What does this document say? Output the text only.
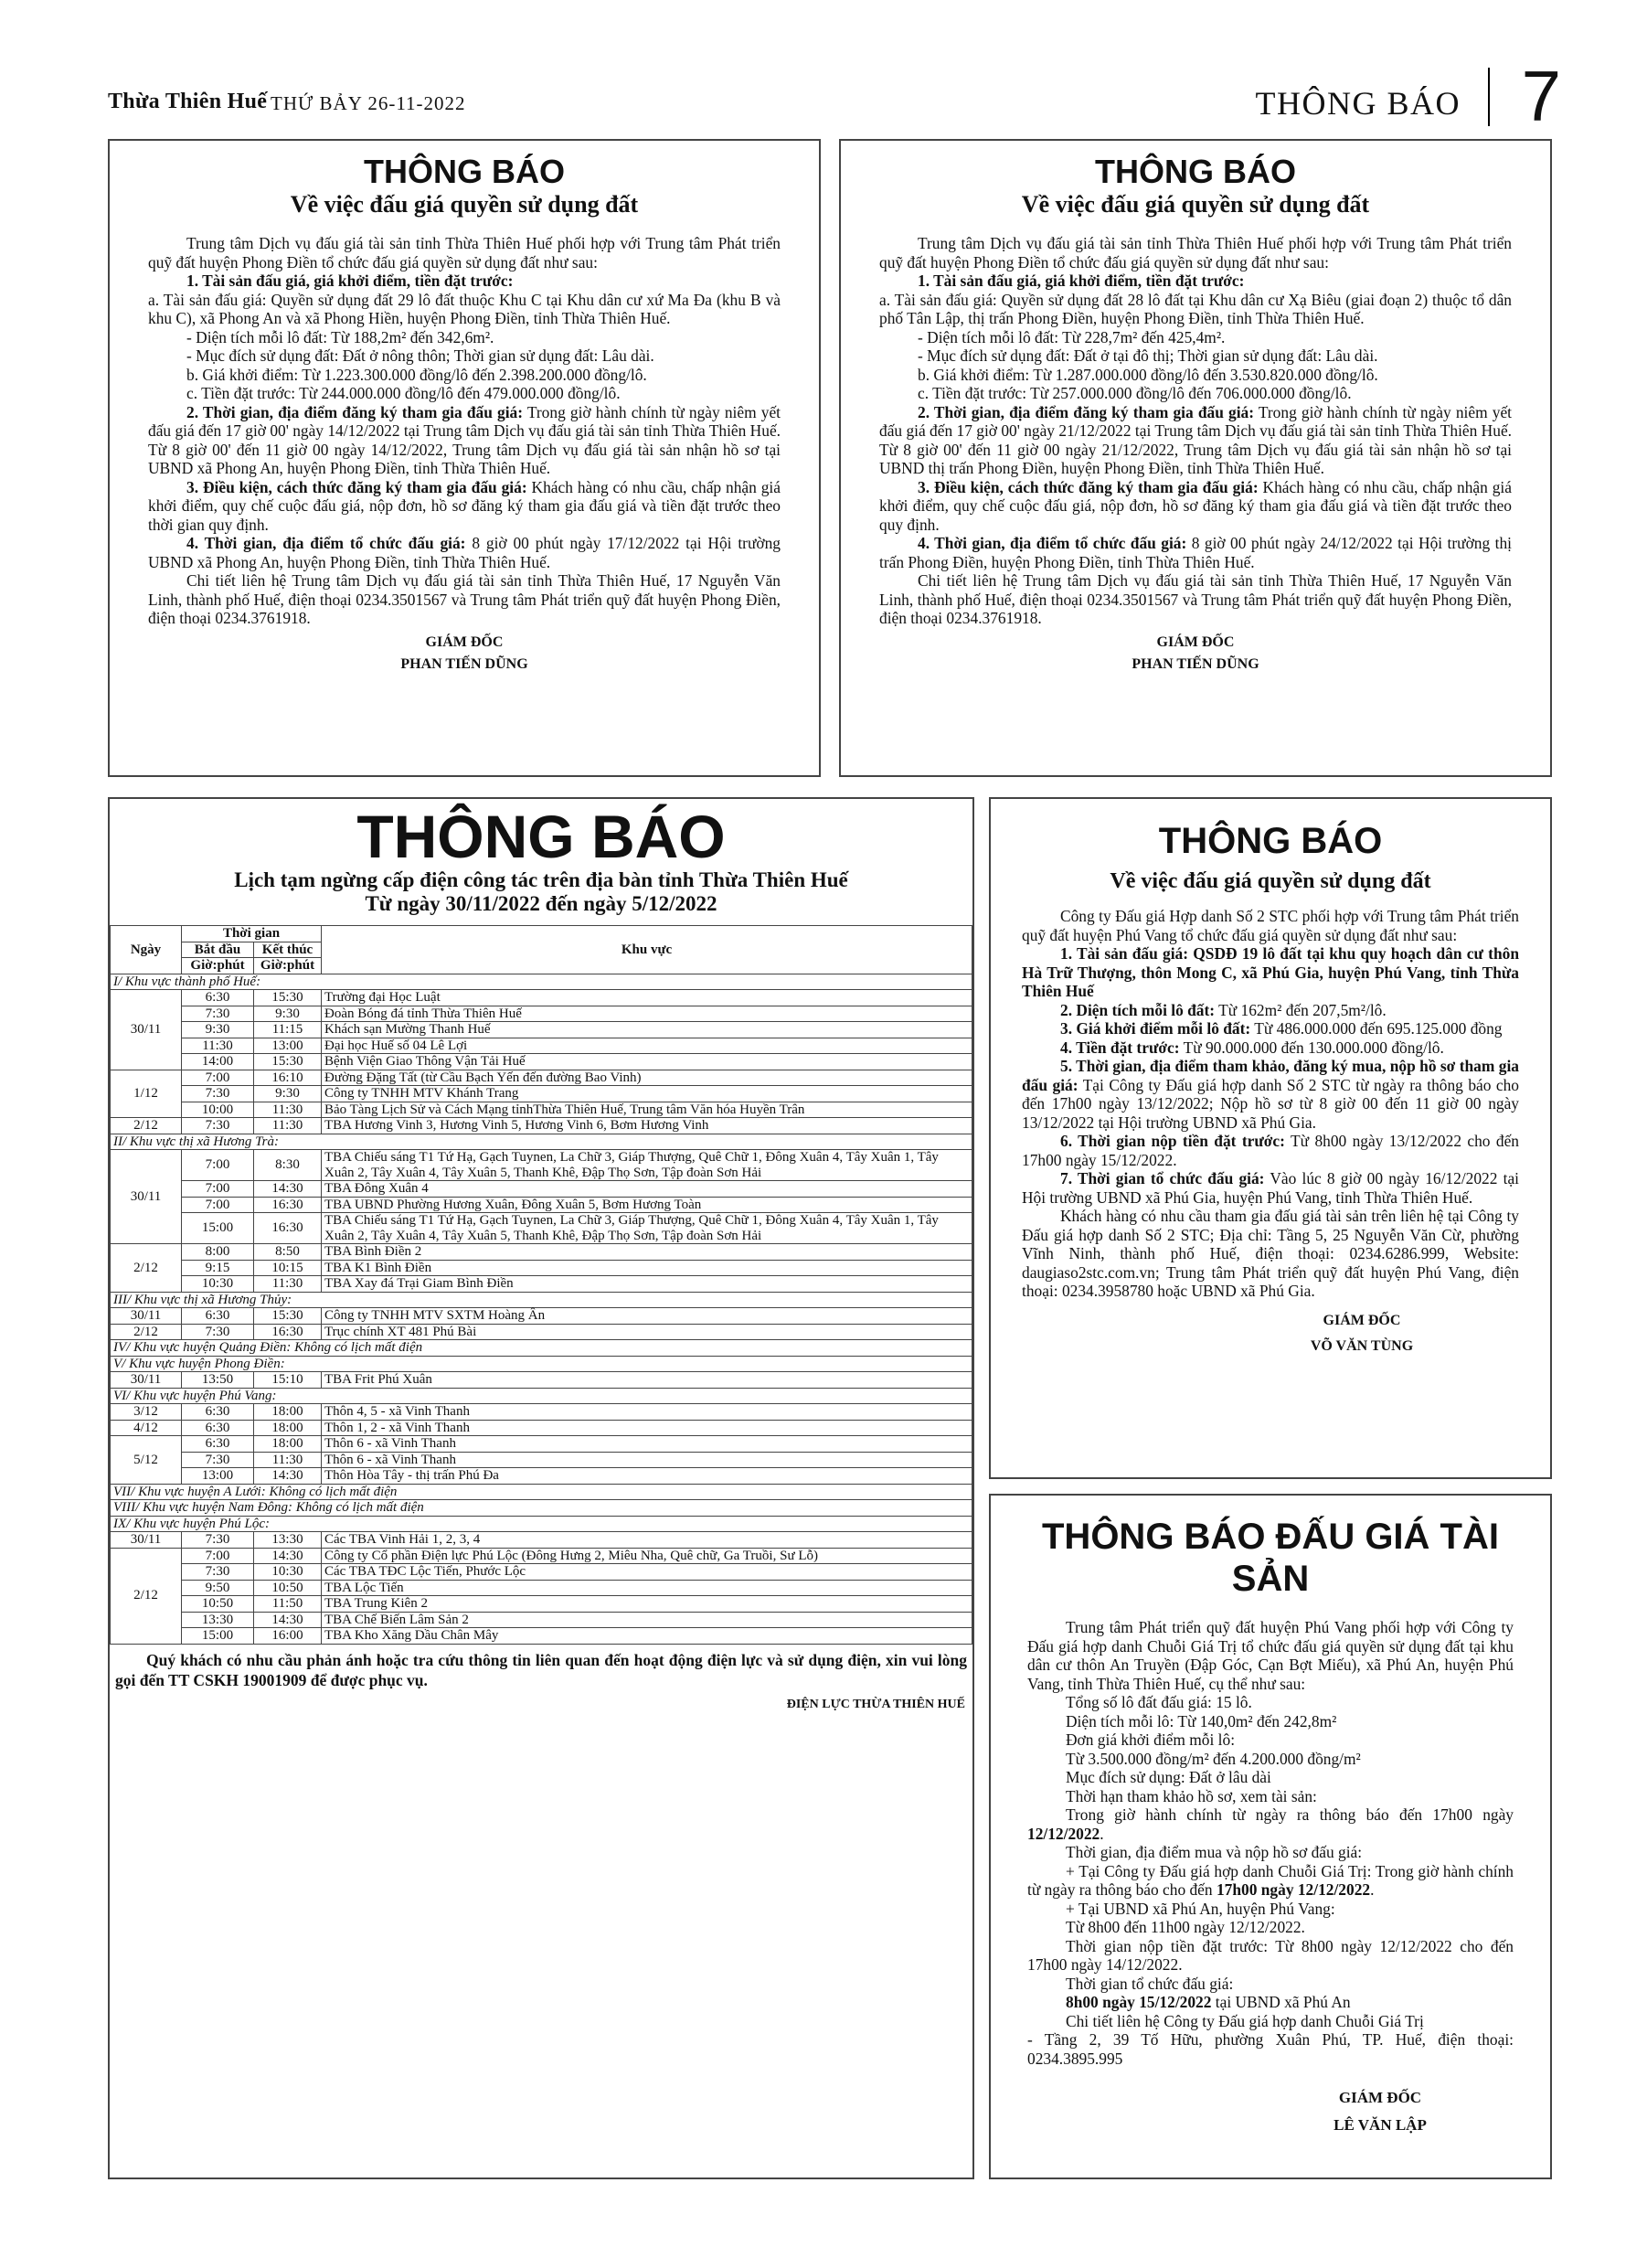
Thừa Thiên Huế THỨ BẢY 26-11-2022	THÔNG BÁO 7
THÔNG BÁO
Về việc đấu giá quyền sử dụng đất

Trung tâm Dịch vụ đấu giá tài sản tỉnh Thừa Thiên Huế phối hợp với Trung tâm Phát triển quỹ đất huyện Phong Điền tổ chức đấu giá quyền sử dụng đất như sau:

1. Tài sản đấu giá, giá khởi điểm, tiền đặt trước:

a. Tài sản đấu giá: Quyền sử dụng đất 29 lô đất thuộc Khu C tại Khu dân cư xứ Ma Đa (khu B và khu C), xã Phong An và xã Phong Hiền, huyện Phong Điền, tỉnh Thừa Thiên Huế.

- Diện tích mỗi lô đất: Từ 188,2m² đến 342,6m².

- Mục đích sử dụng đất: Đất ở nông thôn; Thời gian sử dụng đất: Lâu dài.

b. Giá khởi điểm: Từ 1.223.300.000 đồng/lô đến 2.398.200.000 đồng/lô.

c. Tiền đặt trước: Từ 244.000.000 đồng/lô đến 479.000.000 đồng/lô.

2. Thời gian, địa điểm đăng ký tham gia đấu giá: Trong giờ hành chính từ ngày niêm yết đấu giá đến 17 giờ 00' ngày 14/12/2022 tại Trung tâm Dịch vụ đấu giá tài sản tỉnh Thừa Thiên Huế. Từ 8 giờ 00' đến 11 giờ 00 ngày 14/12/2022, Trung tâm Dịch vụ đấu giá tài sản nhận hồ sơ tại UBND xã Phong An, huyện Phong Điền, tỉnh Thừa Thiên Huế.

3. Điều kiện, cách thức đăng ký tham gia đấu giá: Khách hàng có nhu cầu, chấp nhận giá khởi điểm, quy chế cuộc đấu giá, nộp đơn, hồ sơ đăng ký tham gia đấu giá và tiền đặt trước theo thời gian quy định.

4. Thời gian, địa điểm tổ chức đấu giá: 8 giờ 00 phút ngày 17/12/2022 tại Hội trường UBND xã Phong An, huyện Phong Điền, tỉnh Thừa Thiên Huế.

Chi tiết liên hệ Trung tâm Dịch vụ đấu giá tài sản tỉnh Thừa Thiên Huế, 17 Nguyễn Văn Linh, thành phố Huế, điện thoại 0234.3501567 và Trung tâm Phát triển quỹ đất huyện Phong Điền, điện thoại 0234.3761918.

GIÁM ĐỐC
PHAN TIẾN DŨNG
THÔNG BÁO
Về việc đấu giá quyền sử dụng đất

Trung tâm Dịch vụ đấu giá tài sản tỉnh Thừa Thiên Huế phối hợp với Trung tâm Phát triển quỹ đất huyện Phong Điền tổ chức đấu giá quyền sử dụng đất như sau:

1. Tài sản đấu giá, giá khởi điểm, tiền đặt trước:

a. Tài sản đấu giá: Quyền sử dụng đất 28 lô đất tại Khu dân cư Xạ Biêu (giai đoạn 2) thuộc tổ dân phố Tân Lập, thị trấn Phong Điền, huyện Phong Điền, tỉnh Thừa Thiên Huế.

- Diện tích mỗi lô đất: Từ 228,7m² đến 425,4m².

- Mục đích sử dụng đất: Đất ở tại đô thị; Thời gian sử dụng đất: Lâu dài.

b. Giá khởi điểm: Từ 1.287.000.000 đồng/lô đến 3.530.820.000 đồng/lô.

c. Tiền đặt trước: Từ 257.000.000 đồng/lô đến 706.000.000 đồng/lô.

2. Thời gian, địa điểm đăng ký tham gia đấu giá: Trong giờ hành chính từ ngày niêm yết đấu giá đến 17 giờ 00' ngày 21/12/2022 tại Trung tâm Dịch vụ đấu giá tài sản tỉnh Thừa Thiên Huế. Từ 8 giờ 00' đến 11 giờ 00 ngày 21/12/2022, Trung tâm Dịch vụ đấu giá tài sản nhận hồ sơ tại UBND thị trấn Phong Điền, huyện Phong Điền, tỉnh Thừa Thiên Huế.

3. Điều kiện, cách thức đăng ký tham gia đấu giá: Khách hàng có nhu cầu, chấp nhận giá khởi điểm, quy chế cuộc đấu giá, nộp đơn, hồ sơ đăng ký tham gia đấu giá và tiền đặt trước theo quy định.

4. Thời gian, địa điểm tổ chức đấu giá: 8 giờ 00 phút ngày 24/12/2022 tại Hội trường thị trấn Phong Điền, huyện Phong Điền, tỉnh Thừa Thiên Huế.

Chi tiết liên hệ Trung tâm Dịch vụ đấu giá tài sản tỉnh Thừa Thiên Huế, 17 Nguyễn Văn Linh, thành phố Huế, điện thoại 0234.3501567 và Trung tâm Phát triển quỹ đất huyện Phong Điền, điện thoại 0234.3761918.

GIÁM ĐỐC
PHAN TIẾN DŨNG
THÔNG BÁO
Lịch tạm ngừng cấp điện công tác trên địa bàn tỉnh Thừa Thiên Huế
Từ ngày 30/11/2022 đến ngày 5/12/2022
Ngày	Thời gian		Khu vực
	Bắt đầu	Kết thúc	
	Giờ:phút	Giờ:phút	
I/ Khu vực thành phố Huế:			
30/11	6:30	15:30	Trường đại Học Luật
	7:30	9:30	Đoàn Bóng đá tỉnh Thừa Thiên Huế
	9:30	11:15	Khách sạn Mường Thanh Huế
	11:30	13:00	Đại học Huế số 04 Lê Lợi
	14:00	15:30	Bệnh Viện Giao Thông Vận Tải Huế
1/12	7:00	16:10	Đường Đặng Tất (từ Cầu Bạch Yến đến đường Bao Vinh)
	7:30	9:30	Công ty TNHH MTV Khánh Trang
	10:00	11:30	Bảo Tàng Lịch Sử và Cách Mạng tỉnhThừa Thiên Huế, Trung tâm Văn hóa Huyền Trân
2/12	7:30	11:30	TBA Hương Vinh 3, Hương Vinh 5, Hương Vinh 6, Bơm Hương Vinh
II/ Khu vực thị xã Hương Trà:			
30/11	7:00	8:30	TBA Chiếu sáng T1 Tứ Hạ, Gạch Tuynen, La Chữ 3, Giáp Thượng, Quê Chữ 1, Đông Xuân 4, Tây Xuân 1, Tây Xuân 2, Tây Xuân 4, Tây Xuân 5, Thanh Khê, Đập Thọ Sơn, Tập đoàn Sơn Hải
	7:00	14:30	TBA Đông Xuân 4
	7:00	16:30	TBA UBND Phường Hương Xuân, Đông Xuân 5, Bơm Hương Toàn
	15:00	16:30	TBA Chiếu sáng T1 Tứ Hạ, Gạch Tuynen, La Chữ 3, Giáp Thượng, Quê Chữ 1, Đông Xuân 4, Tây Xuân 1, Tây Xuân 2, Tây Xuân 4, Tây Xuân 5, Thanh Khê, Đập Thọ Sơn, Tập đoàn Sơn Hải
2/12	8:00	8:50	TBA Bình Điền 2
	9:15	10:15	TBA K1 Bình Điền
	10:30	11:30	TBA Xay đá Trại Giam Bình Điền
III/ Khu vực thị xã Hương Thủy:			
30/11	6:30	15:30	Công ty TNHH MTV SXTM Hoàng Ân
2/12	7:30	16:30	Trục chính XT 481 Phú Bài
IV/ Khu vực huyện Quảng Điền: Không có lịch mất điện			
V/ Khu vực huyện Phong Điền:			
30/11	13:50	15:10	TBA Frit Phú Xuân
VI/ Khu vực huyện Phú Vang:			
3/12	6:30	18:00	Thôn 4, 5 - xã Vinh Thanh
4/12	6:30	18:00	Thôn 1, 2 - xã Vinh Thanh
5/12	6:30	18:00	Thôn 6 - xã Vinh Thanh
	7:30	11:30	Thôn 6 - xã Vinh Thanh
	13:00	14:30	Thôn Hòa Tây - thị trấn Phú Đa
VII/ Khu vực huyện A Lưới: Không có lịch mất điện			
VIII/ Khu vực huyện Nam Đông: Không có lịch mất điện			
IX/ Khu vực huyện Phú Lộc:			
30/11	7:30	13:30	Các TBA Vinh Hải 1, 2, 3, 4
2/12	7:00	14:30	Công ty Cổ phần Điện lực Phú Lộc (Đông Hưng 2, Miêu Nha, Quê chữ, Ga Truồi, Sư Lỗ)
	7:30	10:30	Các TBA TĐC Lộc Tiến, Phước Lộc
	9:50	10:50	TBA Lộc Tiến
	10:50	11:50	TBA Trung Kiên 2
	13:30	14:30	TBA Chế Biến Lâm Sản 2
	15:00	16:00	TBA Kho Xăng Dầu Chân Mây
Quý khách có nhu cầu phản ánh hoặc tra cứu thông tin liên quan đến hoạt động điện lực và sử dụng điện, xin vui lòng gọi đến TT CSKH 19001909 để được phục vụ.
ĐIỆN LỰC THỪA THIÊN HUẾ
THÔNG BÁO
Về việc đấu giá quyền sử dụng đất

Công ty Đấu giá Hợp danh Số 2 STC phối hợp với Trung tâm Phát triển quỹ đất huyện Phú Vang tổ chức đấu giá quyền sử dụng đất như sau:

1. Tài sản đấu giá: QSDĐ 19 lô đất tại khu quy hoạch dân cư thôn Hà Trữ Thượng, thôn Mong C, xã Phú Gia, huyện Phú Vang, tỉnh Thừa Thiên Huế

2. Diện tích mỗi lô đất: Từ 162m² đến 207,5m²/lô.

3. Giá khởi điểm mỗi lô đất: Từ 486.000.000 đến 695.125.000 đồng

4. Tiền đặt trước: Từ 90.000.000 đến 130.000.000 đồng/lô.

5. Thời gian, địa điểm tham khảo, đăng ký mua, nộp hồ sơ tham gia đấu giá: Tại Công ty Đấu giá hợp danh Số 2 STC từ ngày ra thông báo cho đến 17h00 ngày 13/12/2022; Nộp hồ sơ từ 8 giờ 00 đến 11 giờ 00 ngày 13/12/2022 tại Hội trường UBND xã Phú Gia.

6. Thời gian nộp tiền đặt trước: Từ 8h00 ngày 13/12/2022 cho đến 17h00 ngày 15/12/2022.

7. Thời gian tổ chức đấu giá: Vào lúc 8 giờ 00 ngày 16/12/2022 tại Hội trường UBND xã Phú Gia, huyện Phú Vang, tỉnh Thừa Thiên Huế.

Khách hàng có nhu cầu tham gia đấu giá tài sản trên liên hệ tại Công ty Đấu giá hợp danh Số 2 STC; Địa chỉ: Tầng 5, 25 Nguyễn Văn Cừ, phường Vĩnh Ninh, thành phố Huế, điện thoại: 0234.6286.999, Website: daugiaso2stc.com.vn; Trung tâm Phát triển quỹ đất huyện Phú Vang, điện thoại: 0234.3958780 hoặc UBND xã Phú Gia.

GIÁM ĐỐC
VÕ VĂN TÙNG
THÔNG BÁO ĐẤU GIÁ TÀI SẢN

Trung tâm Phát triển quỹ đất huyện Phú Vang phối hợp với Công ty Đấu giá hợp danh Chuỗi Giá Trị tổ chức đấu giá quyền sử dụng đất tại khu dân cư thôn An Truyền (Đập Góc, Cạn Bợt Miếu), xã Phú An, huyện Phú Vang, tỉnh Thừa Thiên Huế, cụ thể như sau:

Tổng số lô đất đấu giá: 15 lô.

Diện tích mỗi lô: Từ 140,0m² đến 242,8m²

Đơn giá khởi điểm mỗi lô:

Từ 3.500.000 đồng/m² đến 4.200.000 đồng/m²

Mục đích sử dụng: Đất ở lâu dài

Thời hạn tham khảo hồ sơ, xem tài sản:

Trong giờ hành chính từ ngày ra thông báo đến 17h00 ngày 12/12/2022.

Thời gian, địa điểm mua và nộp hồ sơ đấu giá:

+ Tại Công ty Đấu giá hợp danh Chuỗi Giá Trị: Trong giờ hành chính từ ngày ra thông báo cho đến 17h00 ngày 12/12/2022.

+ Tại UBND xã Phú An, huyện Phú Vang:

Từ 8h00 đến 11h00 ngày 12/12/2022.

Thời gian nộp tiền đặt trước: Từ 8h00 ngày 12/12/2022 cho đến 17h00 ngày 14/12/2022.

Thời gian tổ chức đấu giá:

8h00 ngày 15/12/2022 tại UBND xã Phú An

Chi tiết liên hệ Công ty Đấu giá hợp danh Chuỗi Giá Trị

- Tầng 2, 39 Tố Hữu, phường Xuân Phú, TP. Huế, điện thoại: 0234.3895.995

GIÁM ĐỐC
LÊ VĂN LẬP
